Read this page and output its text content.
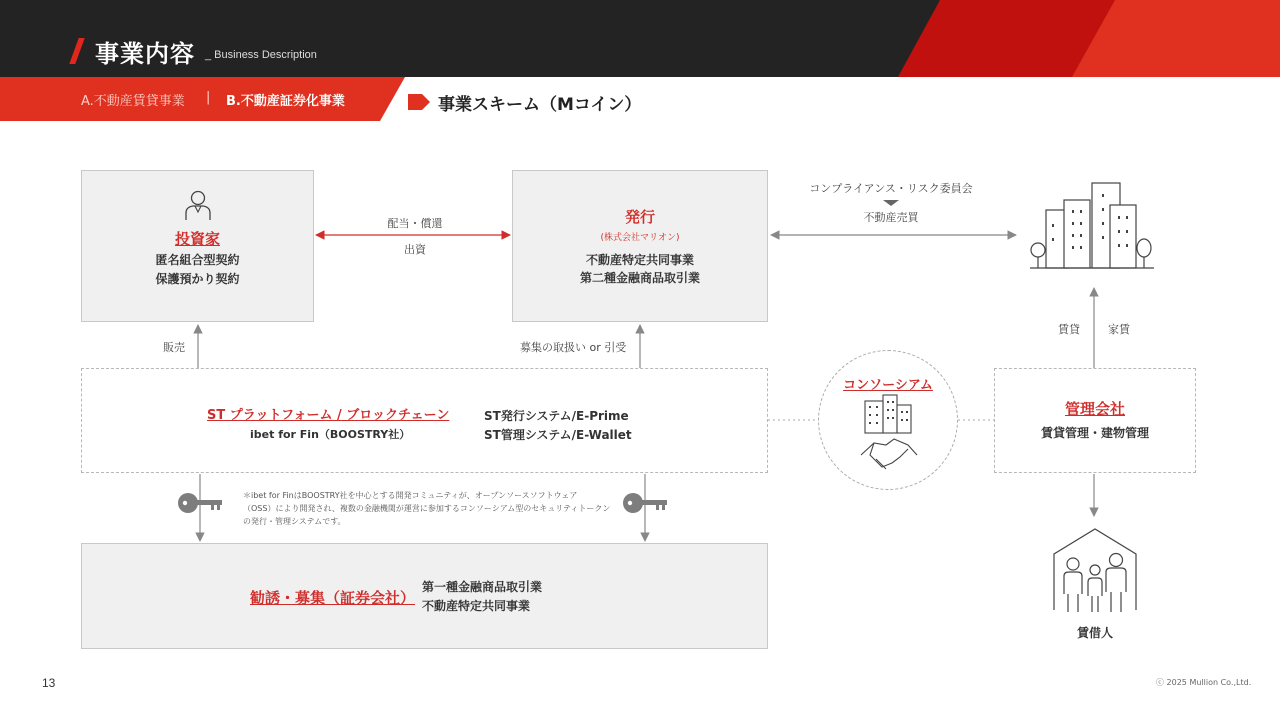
事業内容 _ Business Description
A.不動産賃貸事業 | B.不動産証券化事業	事業スキーム（Mコイン）
投資家
匿名組合型契約
保護預かり契約
発行
(株式会社マリオン)
不動産特定共同事業
第二種金融商品取引業
配当・償還
出資
販売	募集の取扱い or 引受
コンプライアンス・リスク委員会
不動産売買
賃貸	家賃
ST プラットフォーム / ブロックチェーン
ibet for Fin（BOOSTRY社）
ST発行システム/E-Prime
ST管理システム/E-Wallet
コンソーシアム
管理会社
賃貸管理・建物管理
＊ibet for FinはBOOSTRY社を中心とする開発コミュニティが、オープンソースソフトウェア
（OSS）により開発され、複数の金融機関が運営に参加するコンソーシアム型のセキュリティトークン
の発行・管理システムです。
勧誘・募集（証券会社）
第一種金融商品取引業
不動産特定共同事業
賃借人
13	ⓒ 2025 Mullion Co.,Ltd.
